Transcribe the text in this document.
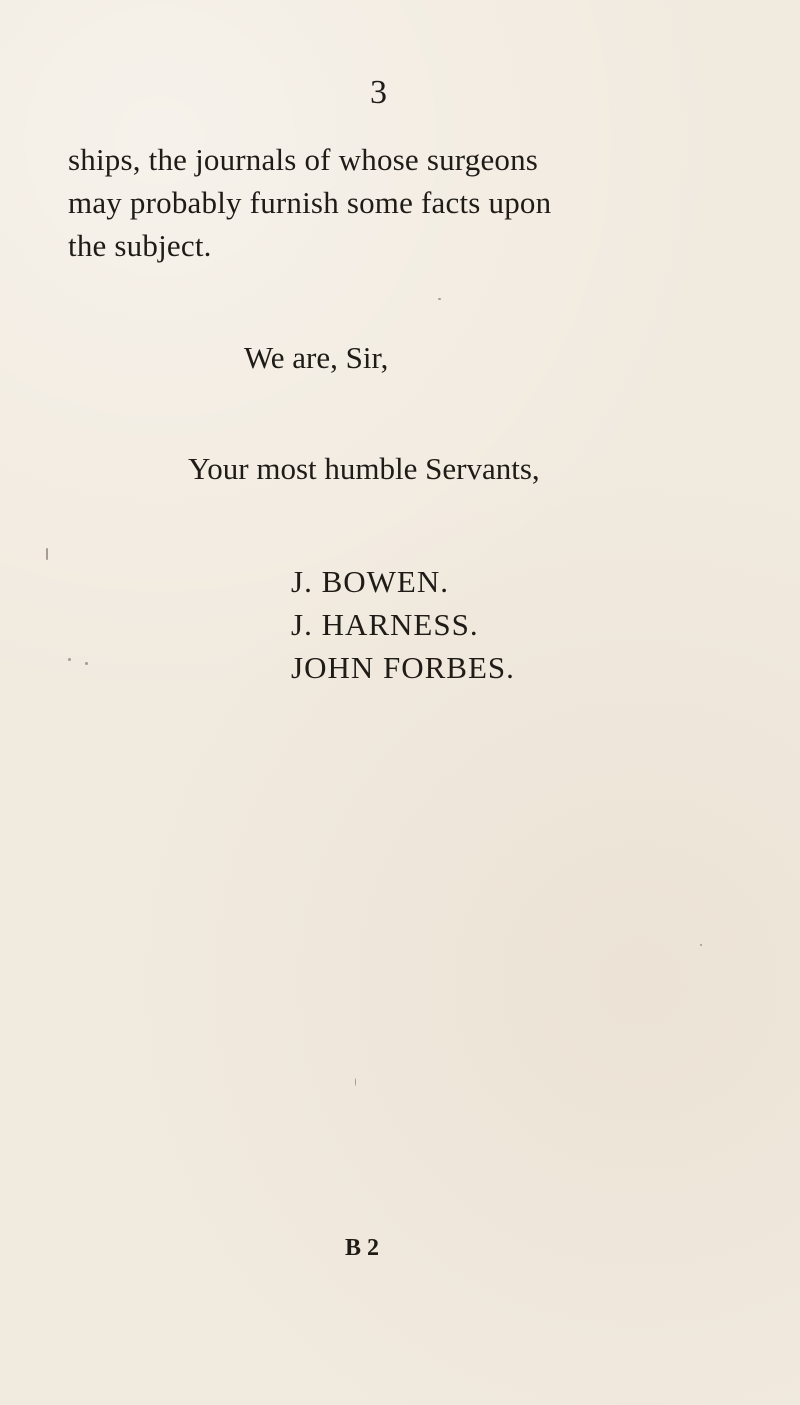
3

ships, the journals of whose surgeons
may probably furnish some facts upon
the subject.

We are, Sir,
Your most humble Servants,
J. BOWEN.
J. HARNESS.
JOHN FORBES.
B 2
